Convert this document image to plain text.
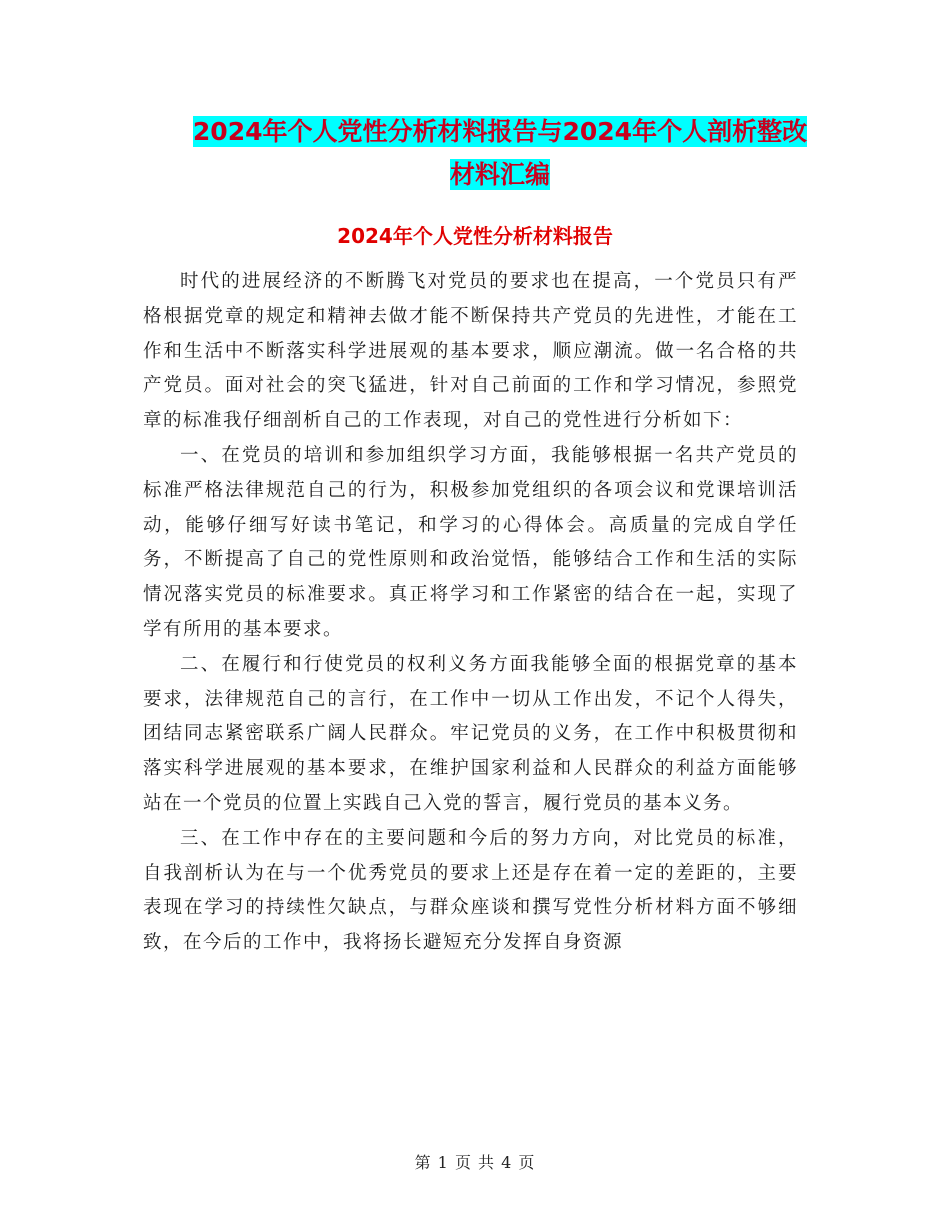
2024年个人党性分析材料报告与2024年个人剖析整改
材料汇编
2024年个人党性分析材料报告

时代的进展经济的不断腾飞对党员的要求也在提高，一个党员只有严格根据党章的规定和精神去做才能不断保持共产党员的先进性，才能在工作和生活中不断落实科学进展观的基本要求，顺应潮流。做一名合格的共产党员。面对社会的突飞猛进，针对自己前面的工作和学习情况，参照党章的标准我仔细剖析自己的工作表现，对自己的党性进行分析如下：

一、在党员的培训和参加组织学习方面，我能够根据一名共产党员的标准严格法律规范自己的行为，积极参加党组织的各项会议和党课培训活动，能够仔细写好读书笔记，和学习的心得体会。高质量的完成自学任务，不断提高了自己的党性原则和政治觉悟，能够结合工作和生活的实际情况落实党员的标准要求。真正将学习和工作紧密的结合在一起，实现了学有所用的基本要求。

二、在履行和行使党员的权利义务方面我能够全面的根据党章的基本要求，法律规范自己的言行，在工作中一切从工作出发，不记个人得失，团结同志紧密联系广阔人民群众。牢记党员的义务，在工作中积极贯彻和落实科学进展观的基本要求，在维护国家利益和人民群众的利益方面能够站在一个党员的位置上实践自己入党的誓言，履行党员的基本义务。

三、在工作中存在的主要问题和今后的努力方向，对比党员的标准，自我剖析认为在与一个优秀党员的要求上还是存在着一定的差距的，主要表现在学习的持续性欠缺点，与群众座谈和撰写党性分析材料方面不够细致，在今后的工作中，我将扬长避短充分发挥自身资源

第 1 页 共 4 页
